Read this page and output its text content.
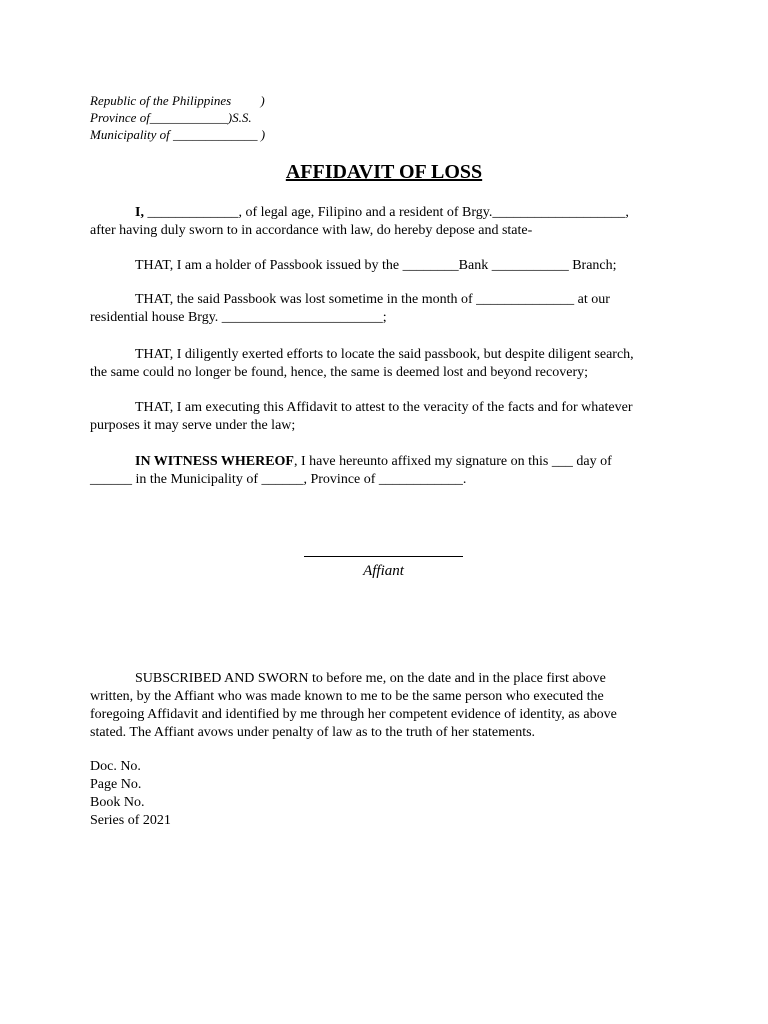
Republic of the Philippines         )
Province of____________)S.S.
Municipality of _____________ )
AFFIDAVIT OF LOSS
I, _____________, of legal age, Filipino and a resident of Brgy.___________________,
after having duly sworn to in accordance with law, do hereby depose and state-
THAT, I am a holder of Passbook issued by the ________Bank ___________ Branch;
THAT, the said Passbook was lost sometime in the month of ______________ at our
residential house Brgy. _______________________;
THAT, I diligently exerted efforts to locate the said passbook, but despite diligent search,
the same could no longer be found, hence, the same is deemed lost and beyond recovery;
THAT, I am executing this Affidavit to attest to the veracity of the facts and for whatever
purposes it may serve under the law;
IN WITNESS WHEREOF, I have hereunto affixed my signature on this ___ day of
______ in the Municipality of ______, Province of ____________.
Affiant
SUBSCRIBED AND SWORN to before me, on the date and in the place first above
written, by the Affiant who was made known to me to be the same person who executed the
foregoing Affidavit and identified by me through her competent evidence of identity, as above
stated. The Affiant avows under penalty of law as to the truth of her statements.
Doc. No.
Page No.
Book No.
Series of 2021
